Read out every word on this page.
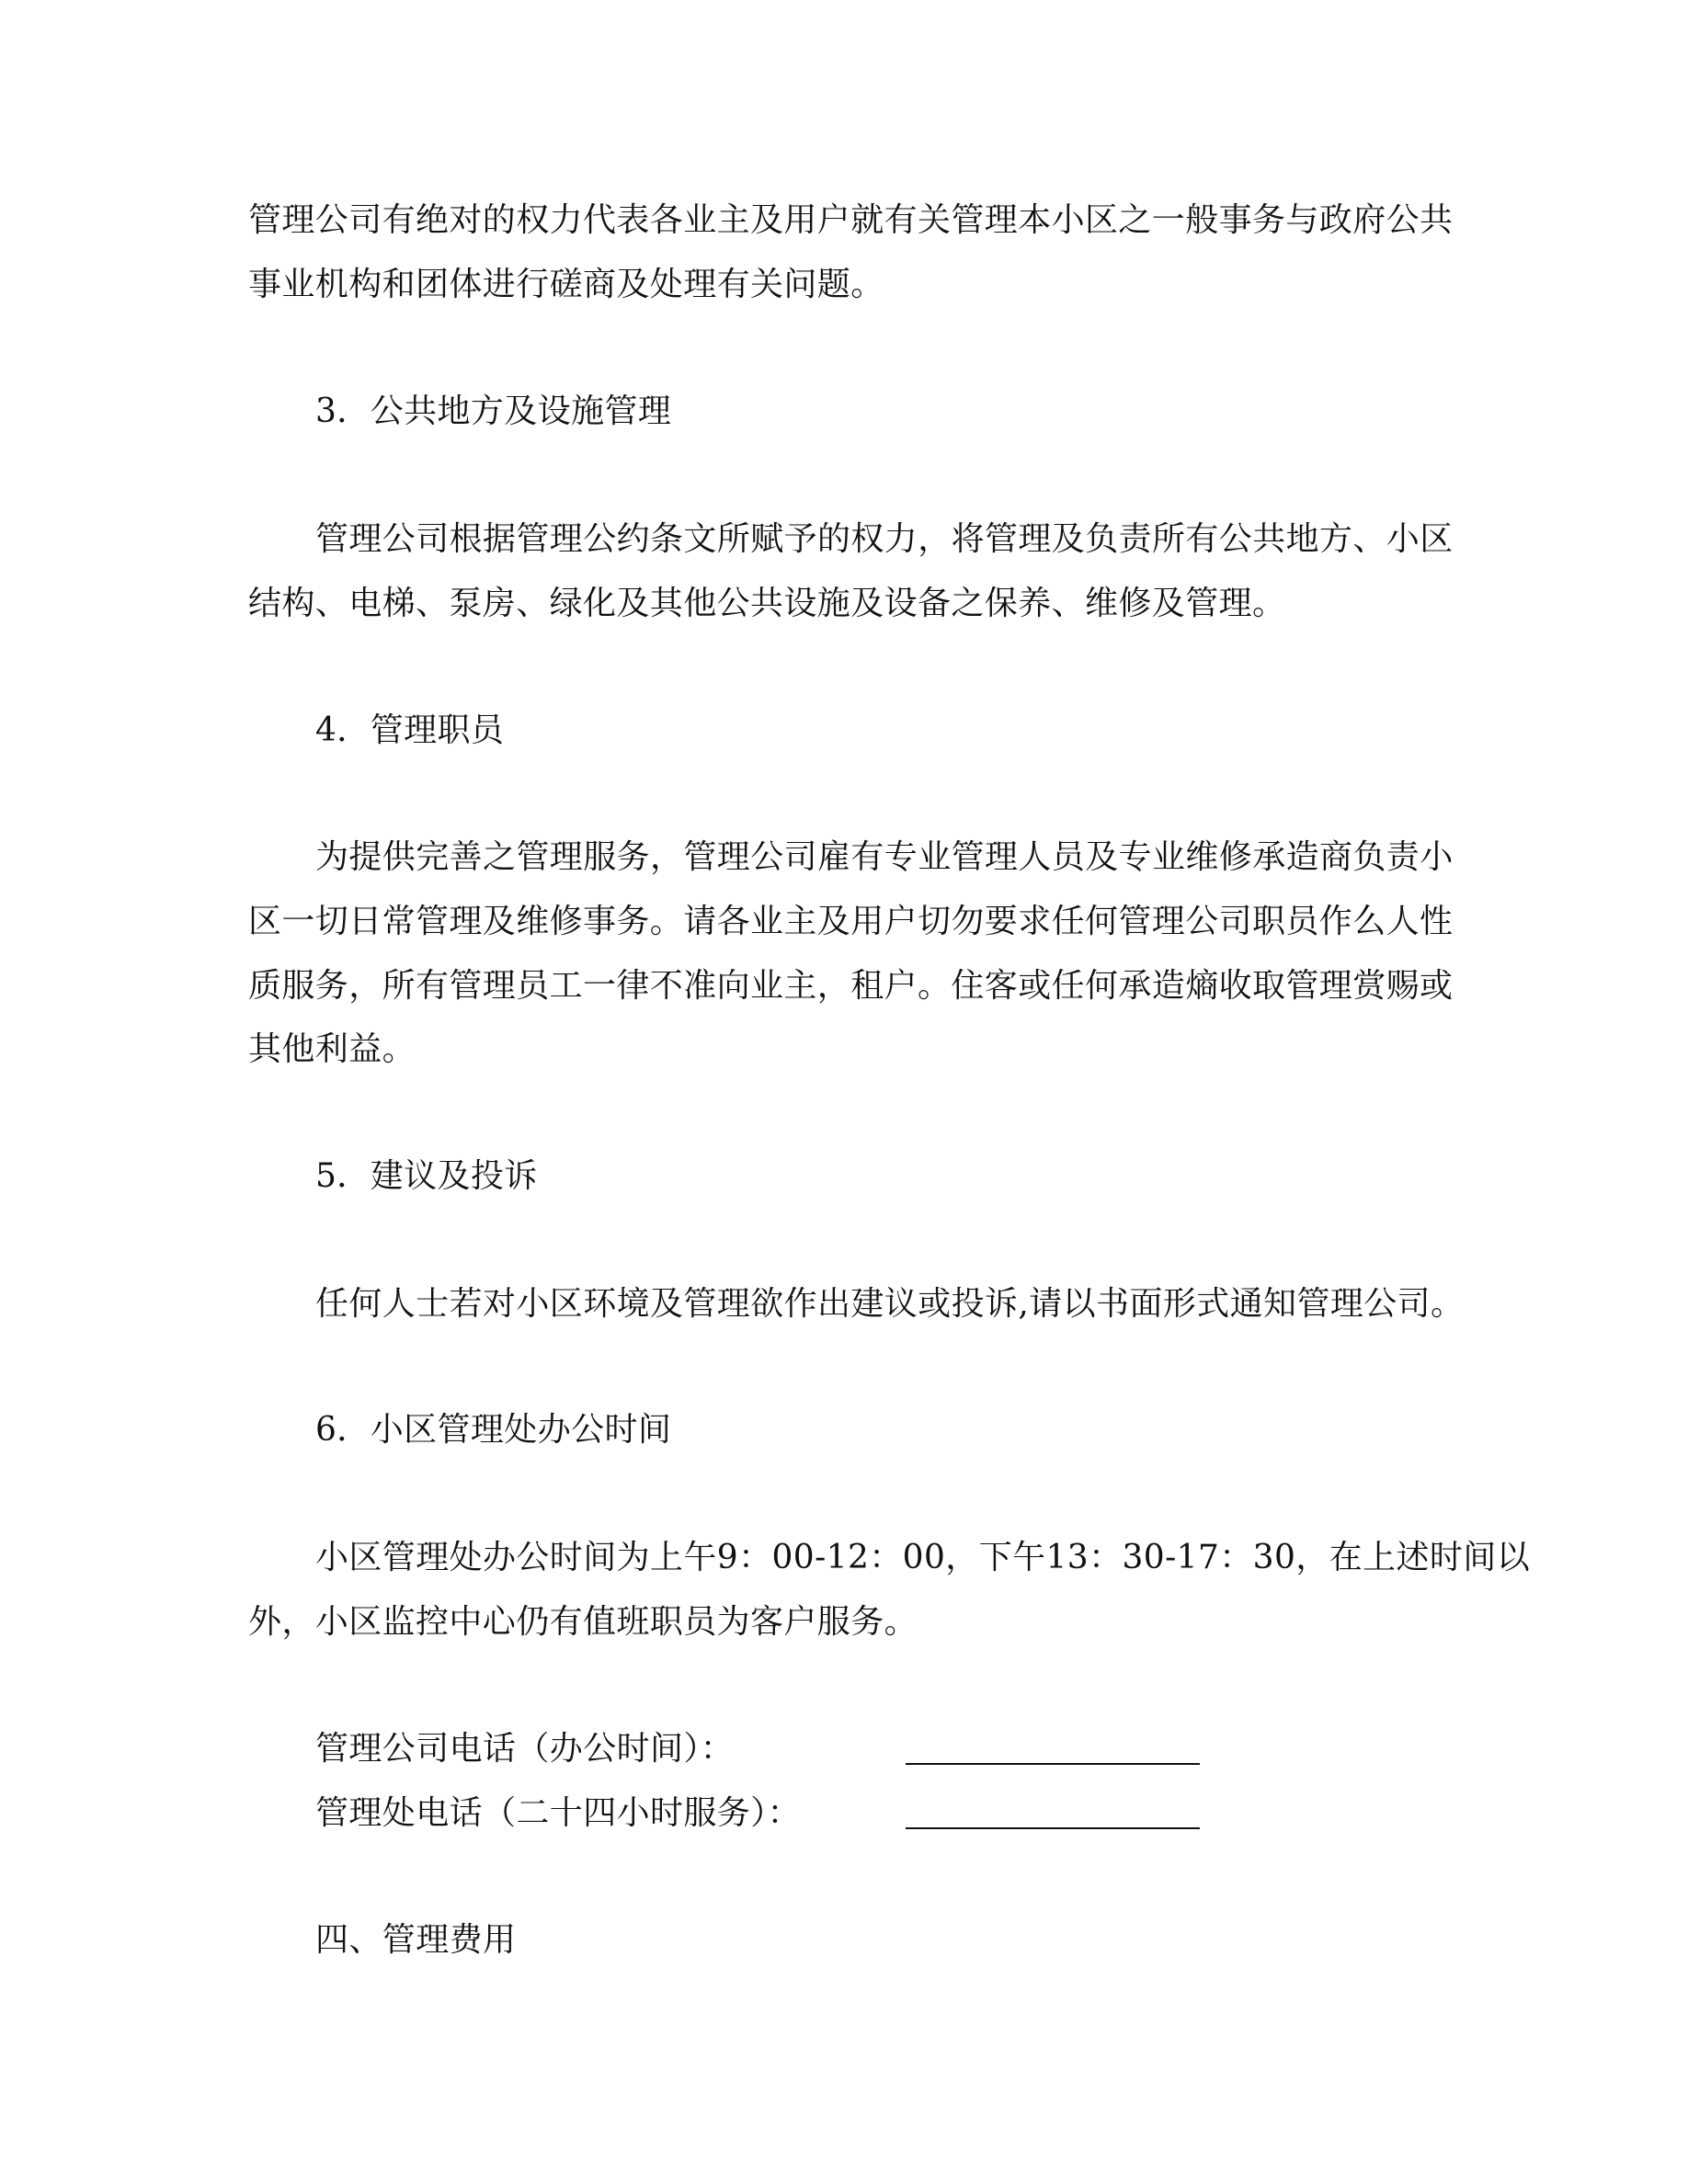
管理公司有绝对的权力代表各业主及用户就有关管理本小区之一般事务与政府公共
事业机构和团体进行磋商及处理有关问题。
3．公共地方及设施管理
管理公司根据管理公约条文所赋予的权力，将管理及负责所有公共地方、小区
结构、电梯、泵房、绿化及其他公共设施及设备之保养、维修及管理。
4．管理职员
为提供完善之管理服务，管理公司雇有专业管理人员及专业维修承造商负责小
区一切日常管理及维修事务。请各业主及用户切勿要求任何管理公司职员作么人性
质服务，所有管理员工一律不准向业主，租户。住客或任何承造熵收取管理赏赐或
其他利益。
5．建议及投诉
任何人士若对小区环境及管理欲作出建议或投诉,请以书面形式通知管理公司。
6．小区管理处办公时间
小区管理处办公时间为上午9：00-12：00，下午13：30-17：30，在上述时间以
外，小区监控中心仍有值班职员为客户服务。
管理公司电话（办公时间）：
管理处电话（二十四小时服务）：
四、管理费用
